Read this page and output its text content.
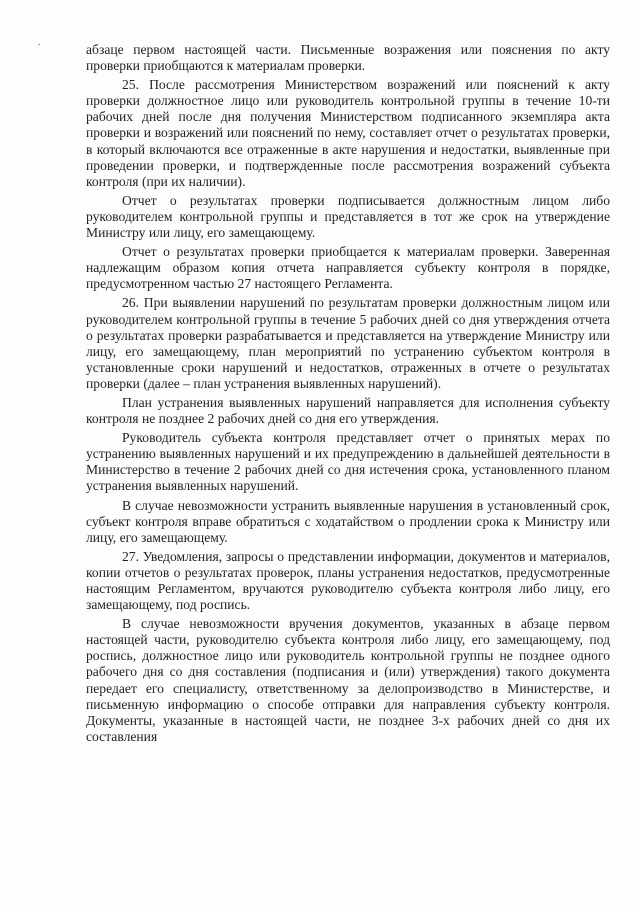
абзаце первом настоящей части. Письменные возражения или пояснения по акту проверки приобщаются к материалам проверки.

25. После рассмотрения Министерством возражений или пояснений к акту проверки должностное лицо или руководитель контрольной группы в течение 10-ти рабочих дней после дня получения Министерством подписанного экземпляра акта проверки и возражений или пояснений по нему, составляет отчет о результатах проверки, в который включаются все отраженные в акте нарушения и недостатки, выявленные при проведении проверки, и подтвержденные после рассмотрения возражений субъекта контроля (при их наличии).

Отчет о результатах проверки подписывается должностным лицом либо руководителем контрольной группы и представляется в тот же срок на утверждение Министру или лицу, его замещающему.

Отчет о результатах проверки приобщается к материалам проверки. Заверенная надлежащим образом копия отчета направляется субъекту контроля в порядке, предусмотренном частью 27 настоящего Регламента.

26. При выявлении нарушений по результатам проверки должностным лицом или руководителем контрольной группы в течение 5 рабочих дней со дня утверждения отчета о результатах проверки разрабатывается и представляется на утверждение Министру или лицу, его замещающему, план мероприятий по устранению субъектом контроля в установленные сроки нарушений и недостатков, отраженных в отчете о результатах проверки (далее – план устранения выявленных нарушений).

План устранения выявленных нарушений направляется для исполнения субъекту контроля не позднее 2 рабочих дней со дня его утверждения.

Руководитель субъекта контроля представляет отчет о принятых мерах по устранению выявленных нарушений и их предупреждению в дальнейшей деятельности в Министерство в течение 2 рабочих дней со дня истечения срока, установленного планом устранения выявленных нарушений.

В случае невозможности устранить выявленные нарушения в установленный срок, субъект контроля вправе обратиться с ходатайством о продлении срока к Министру или лицу, его замещающему.

27. Уведомления, запросы о представлении информации, документов и материалов, копии отчетов о результатах проверок, планы устранения недостатков, предусмотренные настоящим Регламентом, вручаются руководителю субъекта контроля либо лицу, его замещающему, под роспись.

В случае невозможности вручения документов, указанных в абзаце первом настоящей части, руководителю субъекта контроля либо лицу, его замещающему, под роспись, должностное лицо или руководитель контрольной группы не позднее одного рабочего дня со дня составления (подписания и (или) утверждения) такого документа передает его специалисту, ответственному за делопроизводство в Министерстве, и письменную информацию о способе отправки для направления субъекту контроля. Документы, указанные в настоящей части, не позднее 3-х рабочих дней со дня их составления
